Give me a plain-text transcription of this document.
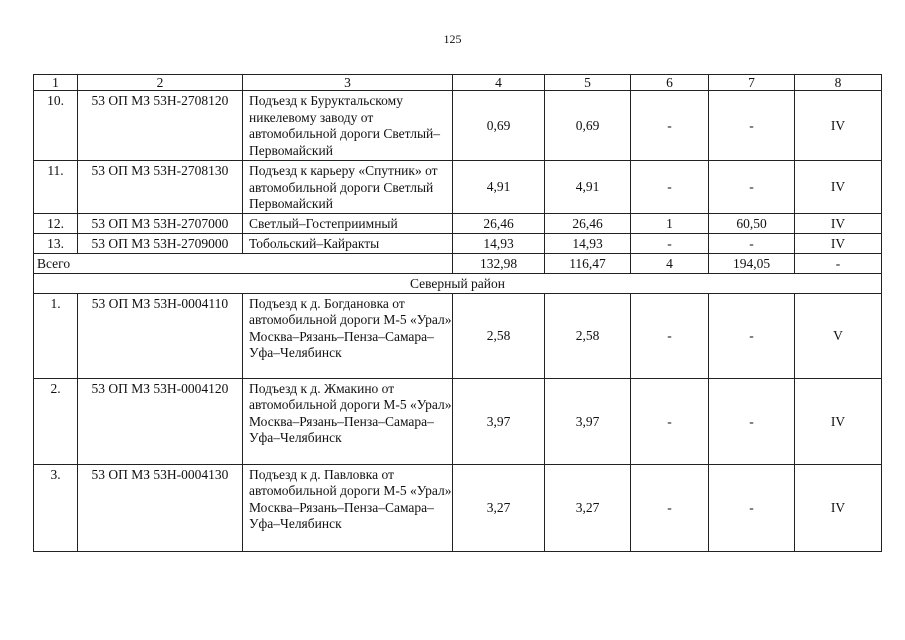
125
1	2	3	4	5	6	7	8
10.	53 ОП МЗ 53Н-2708120	Подъезд к Буруктальскому никелевому заводу от автомобильной дороги Светлый–Первомайский	0,69	0,69	-	-	IV
11.	53 ОП МЗ 53Н-2708130	Подъезд к карьеру «Спутник» от автомобильной дороги Светлый Первомайский	4,91	4,91	-	-	IV
12.	53 ОП МЗ 53Н-2707000	Светлый–Гостеприимный	26,46	26,46	1	60,50	IV
13.	53 ОП МЗ 53Н-2709000	Тобольский–Кайракты	14,93	14,93	-	-	IV
Всего			132,98	116,47	4	194,05	-
Северный район							
1.	53 ОП МЗ 53Н-0004110	Подъезд к д. Богдановка от автомобильной дороги М-5 «Урал» Москва–Рязань–Пенза–Самара–Уфа–Челябинск	2,58	2,58	-	-	V
2.	53 ОП МЗ 53Н-0004120	Подъезд к д. Жмакино от автомобильной дороги М-5 «Урал» Москва–Рязань–Пенза–Самара–Уфа–Челябинск	3,97	3,97	-	-	IV
3.	53 ОП МЗ 53Н-0004130	Подъезд к д. Павловка от автомобильной дороги М-5 «Урал» Москва–Рязань–Пенза–Самара–Уфа–Челябинск	3,27	3,27	-	-	IV
